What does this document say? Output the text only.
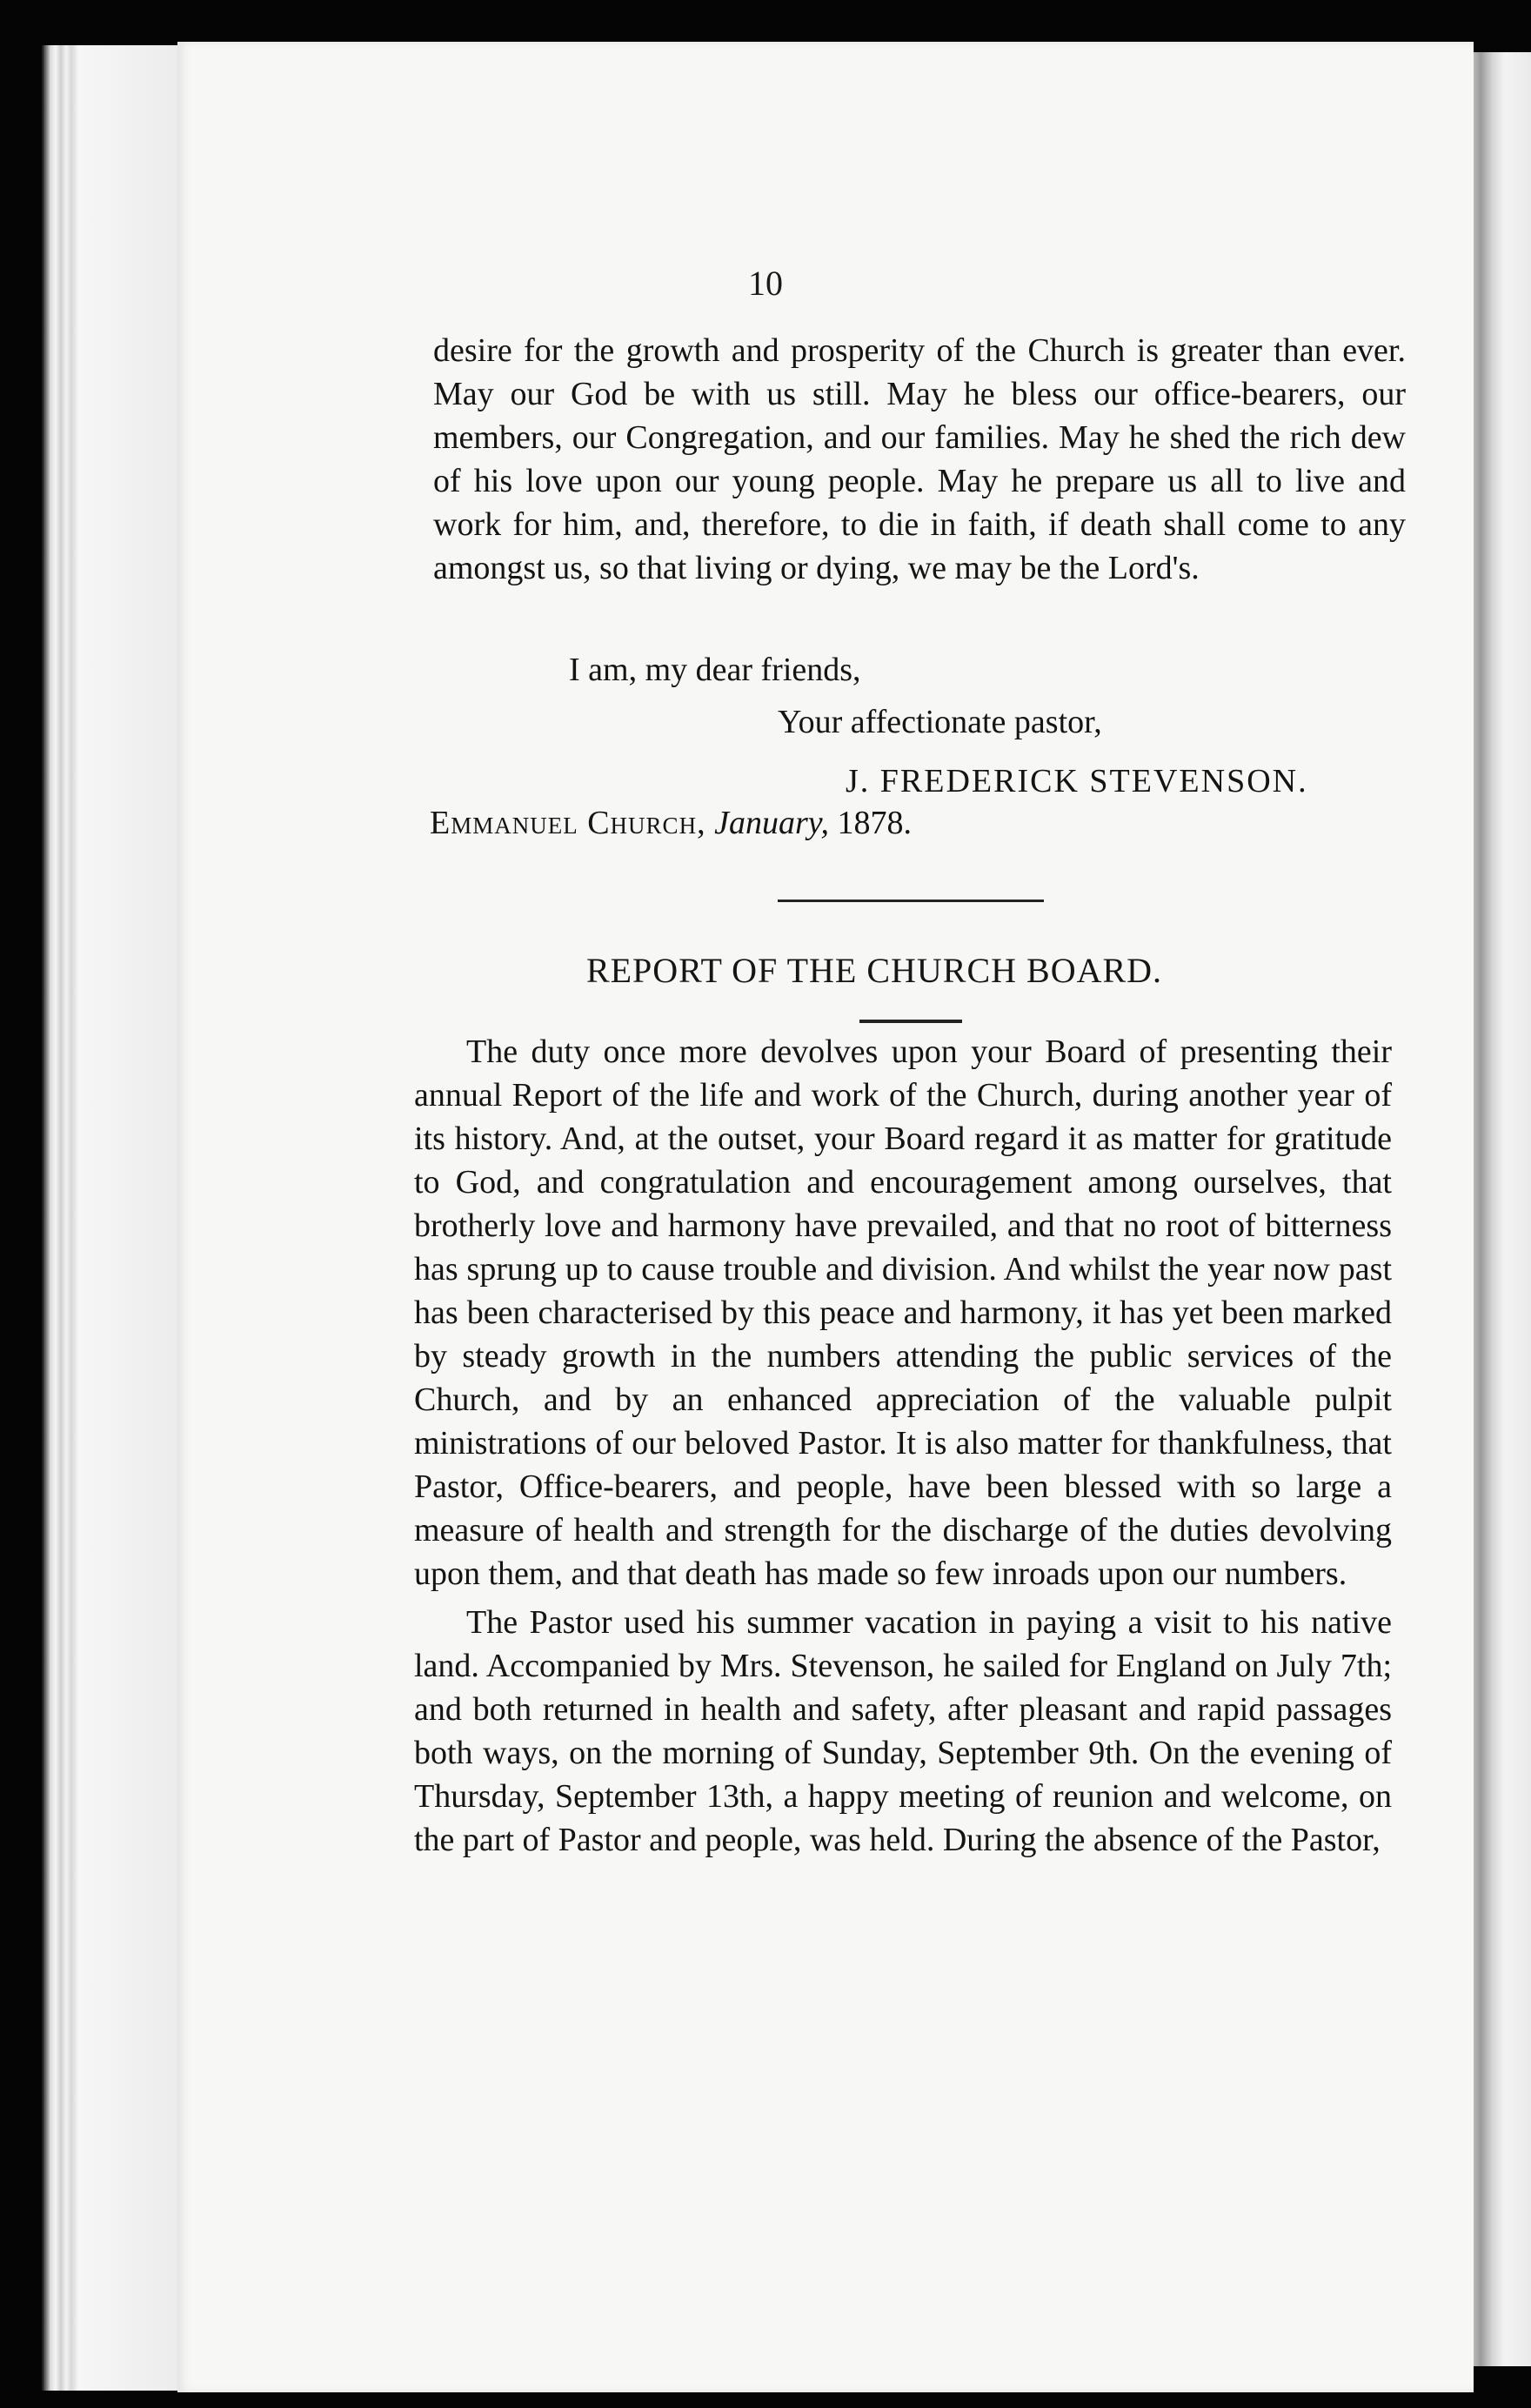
10

desire for the growth and prosperity of the Church is greater than ever. May our God be with us still. May he bless our office-bearers, our members, our Congregation, and our families. May he shed the rich dew of his love upon our young people. May he prepare us all to live and work for him, and, therefore, to die in faith, if death shall come to any amongst us, so that living or dying, we may be the Lord's.

I am, my dear friends,
Your affectionate pastor,
J. FREDERICK STEVENSON.
Emmanuel Church, January, 1878.
REPORT OF THE CHURCH BOARD.

The duty once more devolves upon your Board of presenting their annual Report of the life and work of the Church, during another year of its history. And, at the outset, your Board regard it as matter for gratitude to God, and congratulation and encouragement among ourselves, that brotherly love and harmony have prevailed, and that no root of bitterness has sprung up to cause trouble and division. And whilst the year now past has been characterised by this peace and harmony, it has yet been marked by steady growth in the numbers attending the public services of the Church, and by an enhanced appreciation of the valuable pulpit ministrations of our beloved Pastor. It is also matter for thankfulness, that Pastor, Office-bearers, and people, have been blessed with so large a measure of health and strength for the discharge of the duties devolving upon them, and that death has made so few inroads upon our numbers.

The Pastor used his summer vacation in paying a visit to his native land. Accompanied by Mrs. Stevenson, he sailed for England on July 7th; and both returned in health and safety, after pleasant and rapid passages both ways, on the morning of Sunday, September 9th. On the evening of Thursday, September 13th, a happy meeting of reunion and welcome, on the part of Pastor and people, was held. During the absence of the Pastor,
